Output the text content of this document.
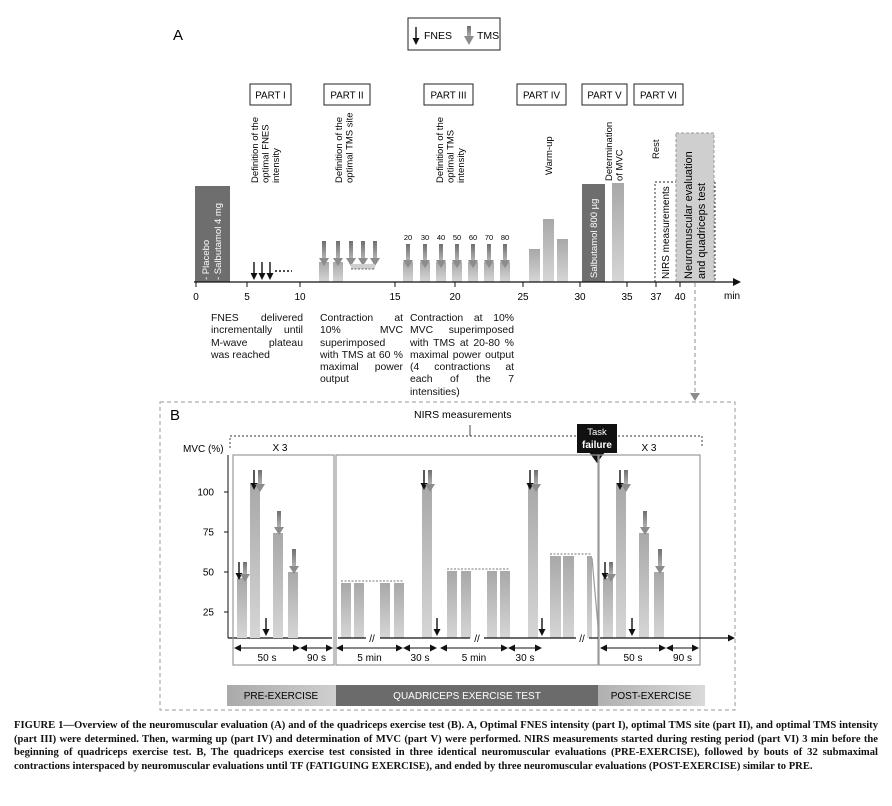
FNES TMS
A
PART I	PART II	PART III	PART IV	PART V PART VI
Definition of the optimal FNES intensity	Definition of the optimal TMS site	Definition of the optimal TMS intensity	Warm-up	Determination of MVC
Rest
- Placebo - Salbutamol 4 mg	20 30 40 50 60 70 80	Salbutamol 800 µg	NIRS measurements Neuromuscular evaluation and quadriceps test
0	5	10	15	20	25	30	35 37 40	min
B	NIRS measurements
Task
failure
MVC (%)
25
50
75
100
X 3	X 3
//	//	//
50 s	90 s	5 min	30 s	5 min	30 s	50 s	90 s
PRE-EXERCISE	QUADRICEPS EXERCISE TEST	POST-EXERCISE
FNES delivered incrementally until M-wave plateau was reached
Contraction at 10% MVC superimposed with TMS at 60 % maximal power output
Contraction at 10% MVC superimposed with TMS at 20-80 % maximal power output (4 contractions at each of the 7 intensities)
FIGURE 1—Overview of the neuromuscular evaluation (A) and of the quadriceps exercise test (B). A, Optimal FNES intensity (part I), optimal TMS site (part II), and optimal TMS intensity (part III) were determined. Then, warming up (part IV) and determination of MVC (part V) were performed. NIRS measurements started during resting period (part VI) 3 min before the beginning of quadriceps exercise test. B, The quadriceps exercise test consisted in three identical neuromuscular evaluations (PRE-EXERCISE), followed by bouts of 32 submaximal contractions interspaced by neuromuscular evaluations until TF (FATIGUING EXERCISE), and ended by three neuromuscular evaluations (POST-EXERCISE) similar to PRE.
